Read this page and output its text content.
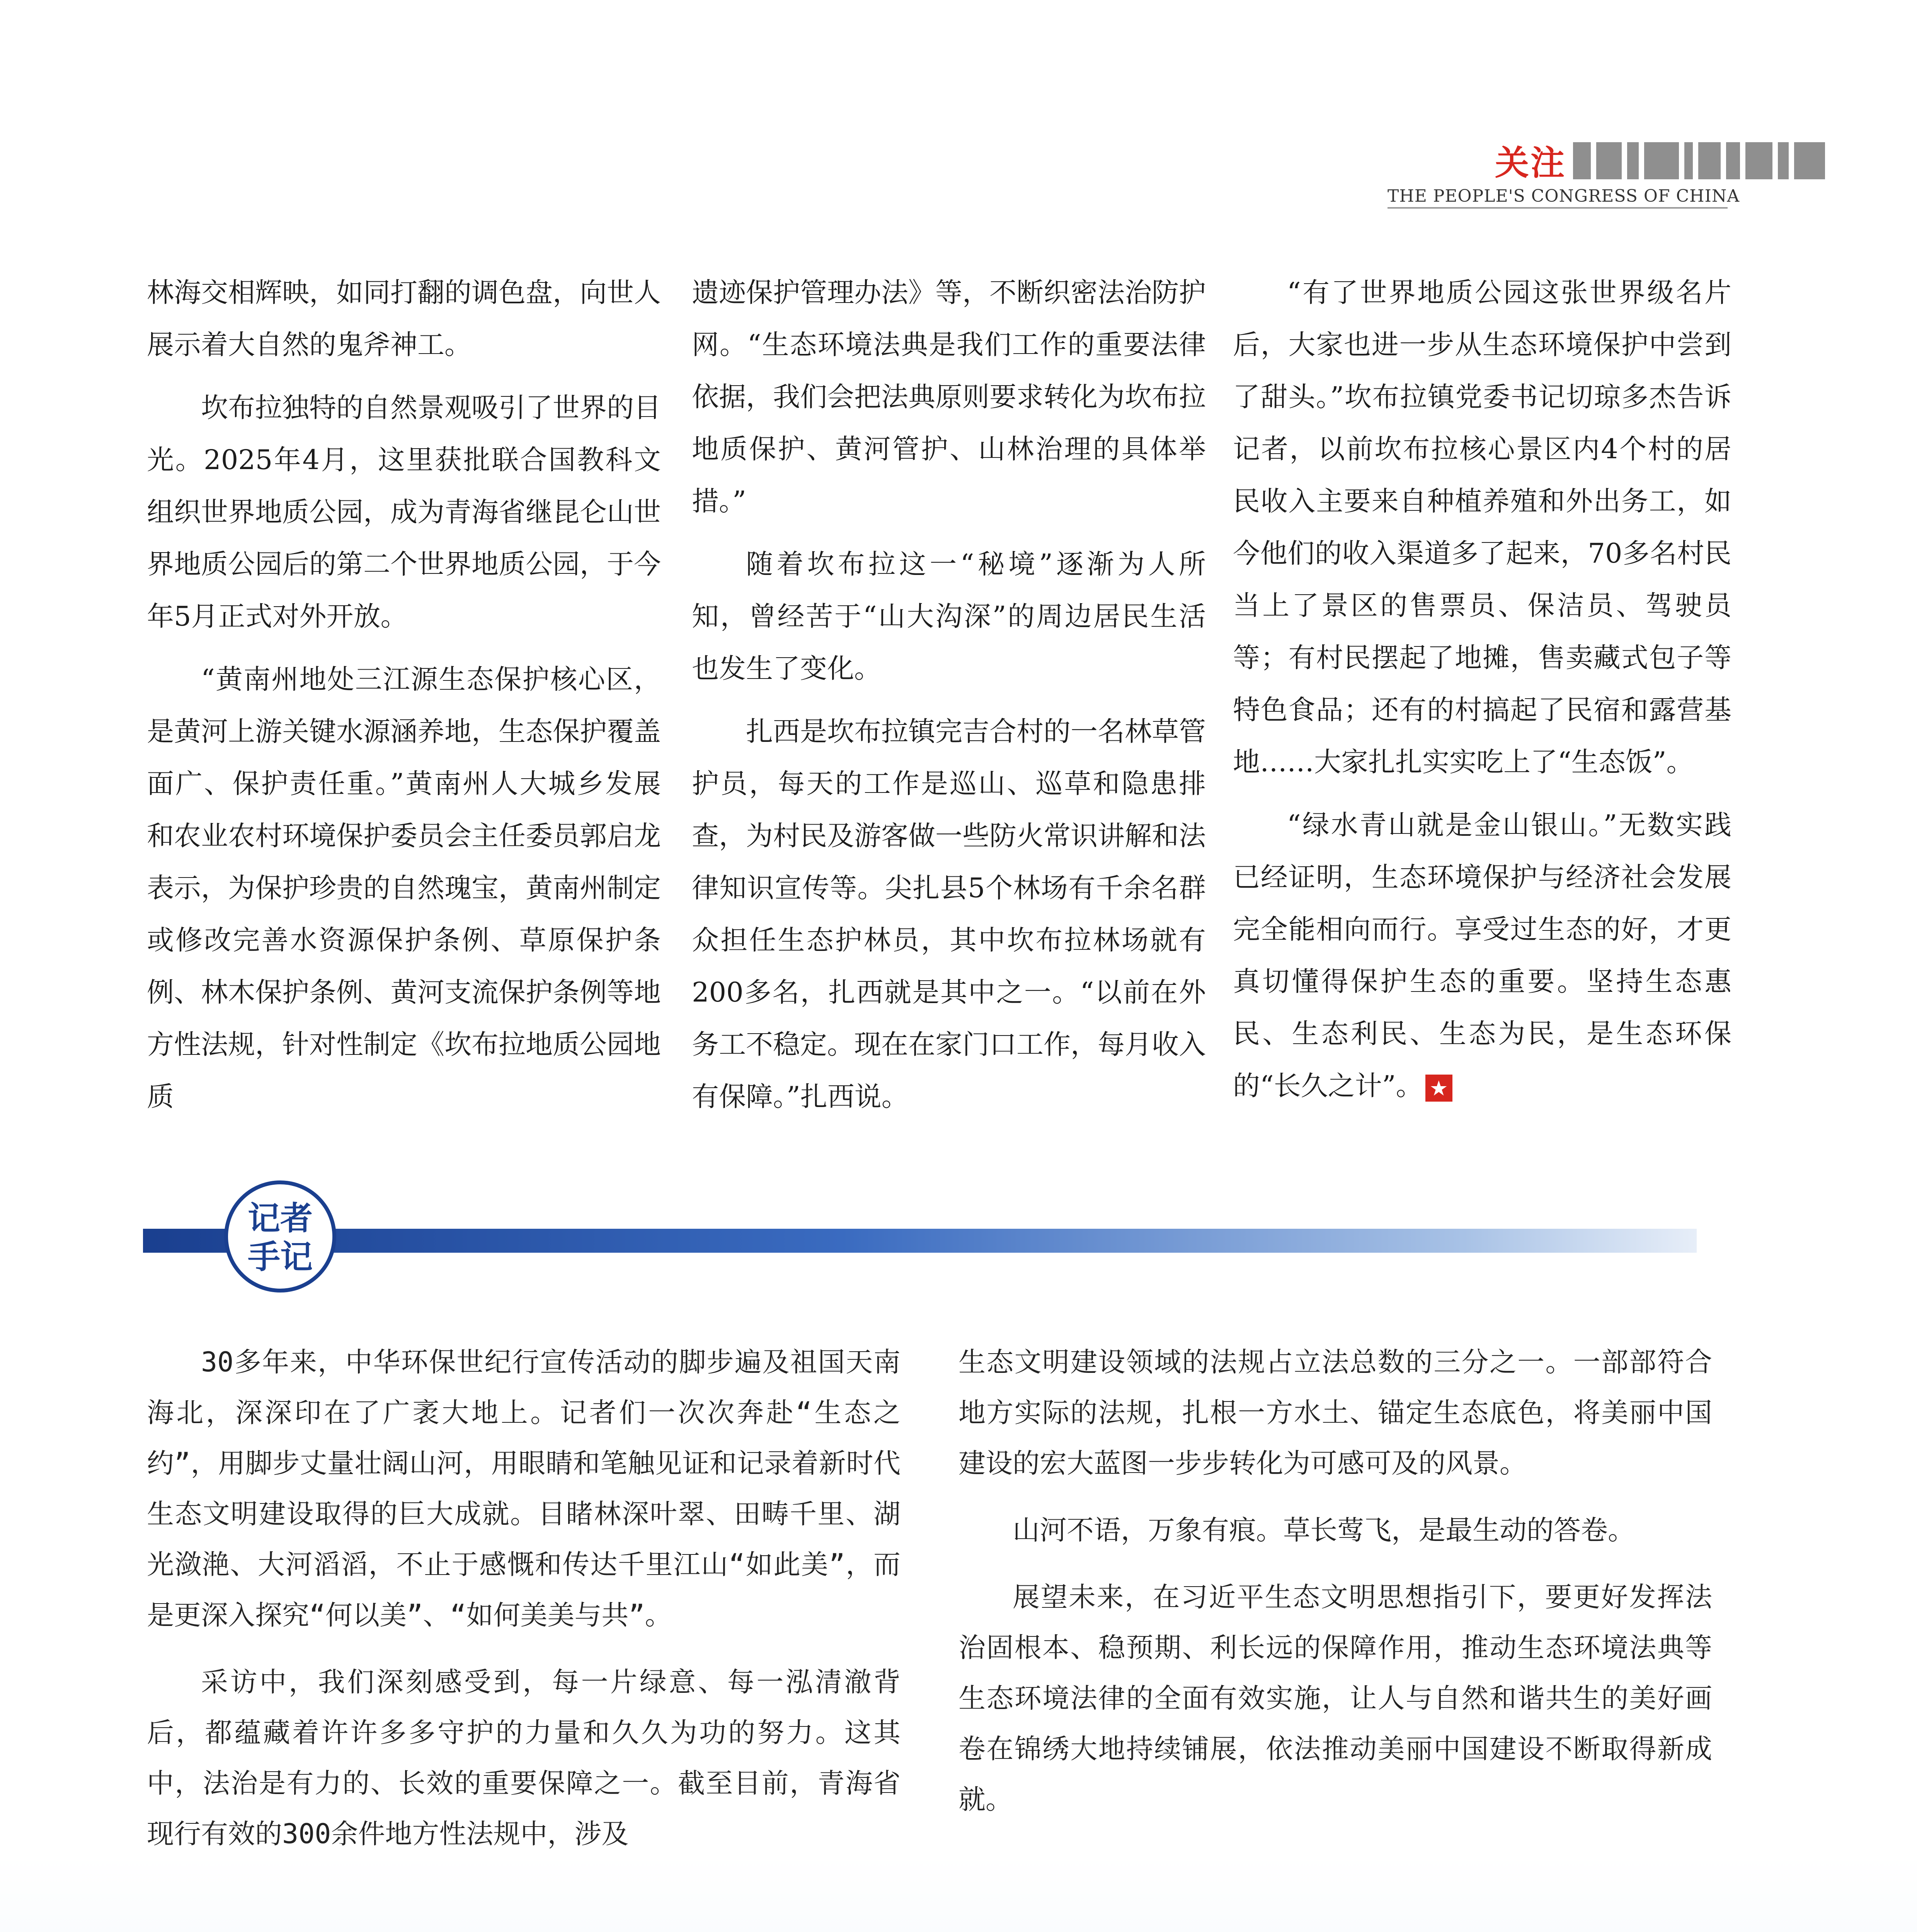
关注
THE PEOPLE'S CONGRESS OF CHINA

林海交相辉映，如同打翻的调色盘，向世人展示着大自然的鬼斧神工。

坎布拉独特的自然景观吸引了世界的目光。2025年4月，这里获批联合国教科文组织世界地质公园，成为青海省继昆仑山世界地质公园后的第二个世界地质公园，于今年5月正式对外开放。

“黄南州地处三江源生态保护核心区，是黄河上游关键水源涵养地，生态保护覆盖面广、保护责任重。”黄南州人大城乡发展和农业农村环境保护委员会主任委员郭启龙表示，为保护珍贵的自然瑰宝，黄南州制定或修改完善水资源保护条例、草原保护条例、林木保护条例、黄河支流保护条例等地方性法规，针对性制定《坎布拉地质公园地质

遗迹保护管理办法》等，不断织密法治防护网。“生态环境法典是我们工作的重要法律依据，我们会把法典原则要求转化为坎布拉地质保护、黄河管护、山林治理的具体举措。”

随着坎布拉这一“秘境”逐渐为人所知，曾经苦于“山大沟深”的周边居民生活也发生了变化。

扎西是坎布拉镇完吉合村的一名林草管护员，每天的工作是巡山、巡草和隐患排查，为村民及游客做一些防火常识讲解和法律知识宣传等。尖扎县5个林场有千余名群众担任生态护林员，其中坎布拉林场就有200多名，扎西就是其中之一。“以前在外务工不稳定。现在在家门口工作，每月收入有保障。”扎西说。

“有了世界地质公园这张世界级名片后，大家也进一步从生态环境保护中尝到了甜头。”坎布拉镇党委书记切琼多杰告诉记者，以前坎布拉核心景区内4个村的居民收入主要来自种植养殖和外出务工，如今他们的收入渠道多了起来，70多名村民当上了景区的售票员、保洁员、驾驶员等；有村民摆起了地摊，售卖藏式包子等特色食品；还有的村搞起了民宿和露营基地……大家扎扎实实吃上了“生态饭”。

“绿水青山就是金山银山。”无数实践已经证明，生态环境保护与经济社会发展完全能相向而行。享受过生态的好，才更真切懂得保护生态的重要。坚持生态惠民、生态利民、生态为民，是生态环保的“长久之计”。 ★

记者
手记

30多年来，中华环保世纪行宣传活动的脚步遍及祖国天南海北，深深印在了广袤大地上。记者们一次次奔赴“生态之约”，用脚步丈量壮阔山河，用眼睛和笔触见证和记录着新时代生态文明建设取得的巨大成就。目睹林深叶翠、田畴千里、湖光潋滟、大河滔滔，不止于感慨和传达千里江山“如此美”，而是更深入探究“何以美”、“如何美美与共”。

采访中，我们深刻感受到，每一片绿意、每一泓清澈背后，都蕴藏着许许多多守护的力量和久久为功的努力。这其中，法治是有力的、长效的重要保障之一。截至目前，青海省现行有效的300余件地方性法规中，涉及

生态文明建设领域的法规占立法总数的三分之一。一部部符合地方实际的法规，扎根一方水土、锚定生态底色，将美丽中国建设的宏大蓝图一步步转化为可感可及的风景。

山河不语，万象有痕。草长莺飞，是最生动的答卷。

展望未来，在习近平生态文明思想指引下，要更好发挥法治固根本、稳预期、利长远的保障作用，推动生态环境法典等生态环境法律的全面有效实施，让人与自然和谐共生的美好画卷在锦绣大地持续铺展，依法推动美丽中国建设不断取得新成就。
